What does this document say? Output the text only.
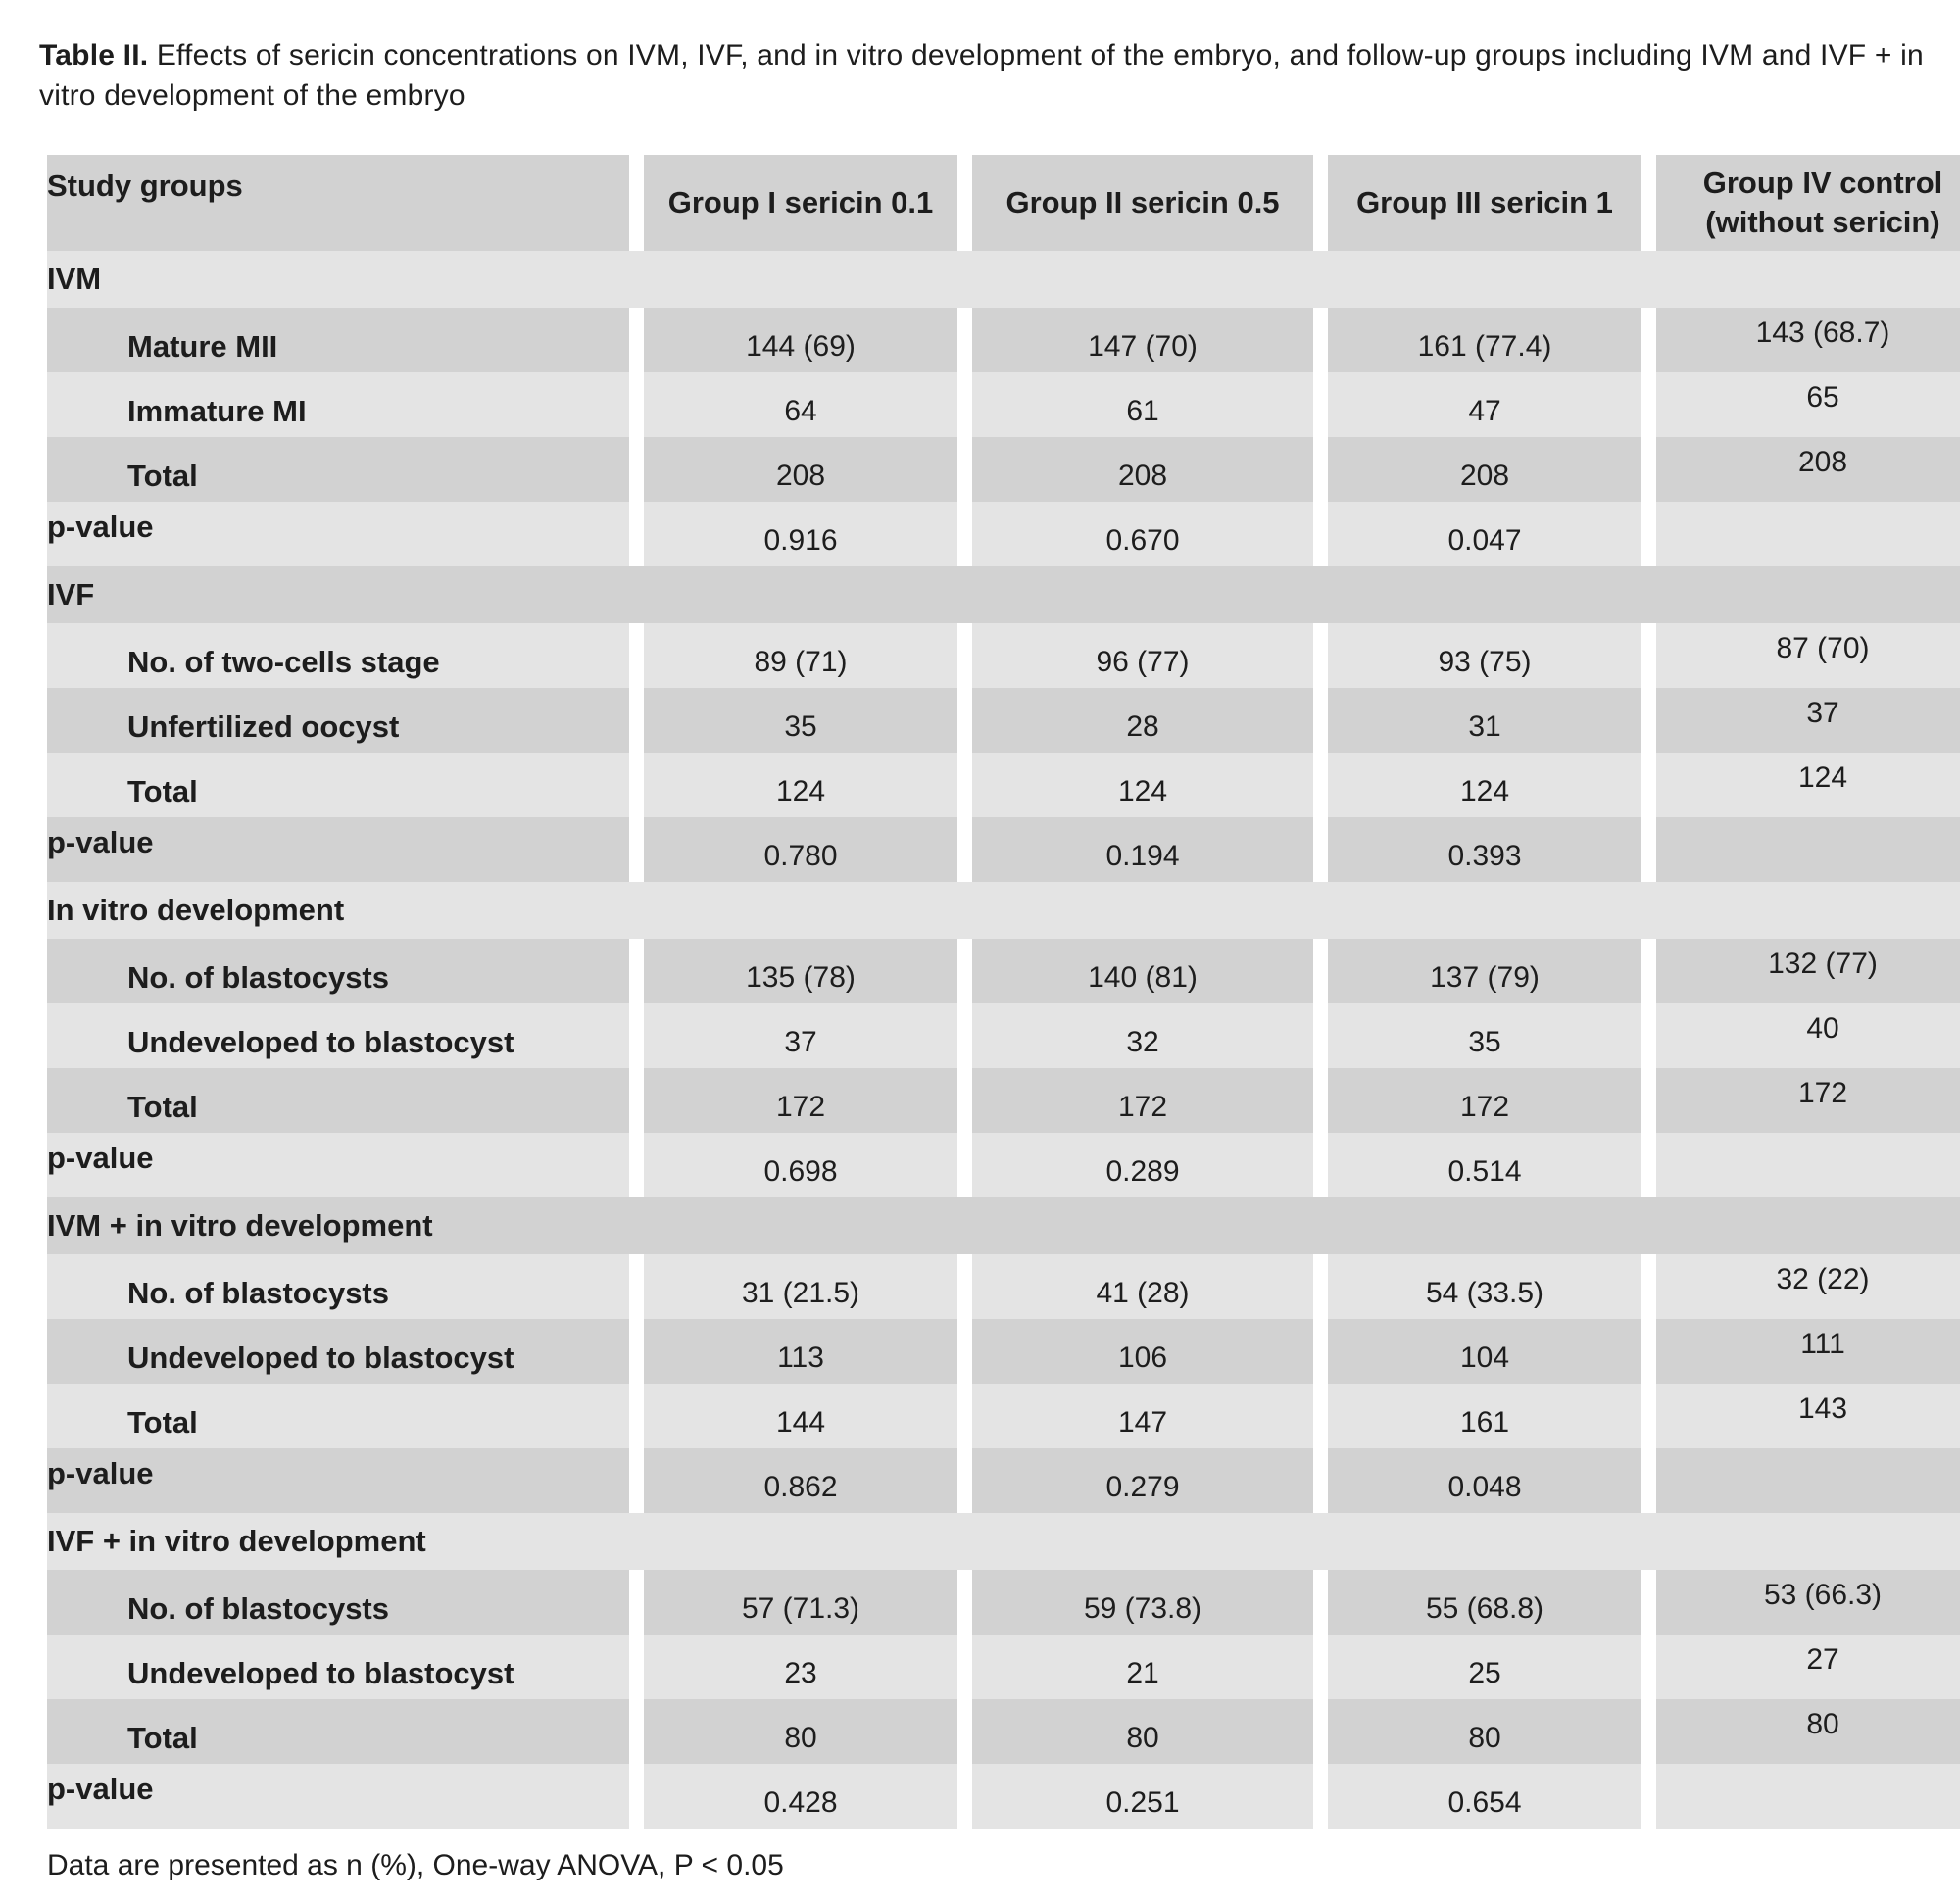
Table II. Effects of sericin concentrations on IVM, IVF, and in vitro development of the embryo, and follow-up groups including IVM and IVF + in vitro development of the embryo
Study groups			Group I sericin 0.1		Group II sericin 0.5		Group III sericin 1		Group IV control
(without sericin)

IVM									
	Mature MII		144 (69)		147 (70)		161 (77.4)		143 (68.7)
	Immature MI		64		61		47		65
	Total		208		208		208		208
p-value			0.916		0.670		0.047		
IVF									
	No. of two-cells stage		89 (71)		96 (77)		93 (75)		87 (70)
	Unfertilized oocyst		35		28		31		37
	Total		124		124		124		124
p-value			0.780		0.194		0.393		
In vitro development									
	No. of blastocysts		135 (78)		140 (81)		137 (79)		132 (77)
	Undeveloped to blastocyst		37		32		35		40
	Total		172		172		172		172
p-value			0.698		0.289		0.514		
IVM + in vitro development									
	No. of blastocysts		31 (21.5)		41 (28)		54 (33.5)		32 (22)
	Undeveloped to blastocyst		113		106		104		111
	Total		144		147		161		143
p-value			0.862		0.279		0.048		
IVF + in vitro development									
	No. of blastocysts		57 (71.3)		59 (73.8)		55 (68.8)		53 (66.3)
	Undeveloped to blastocyst		23		21		25		27
	Total		80		80		80		80
p-value			0.428		0.251		0.654		
Data are presented as n (%), One-way ANOVA, P < 0.05
